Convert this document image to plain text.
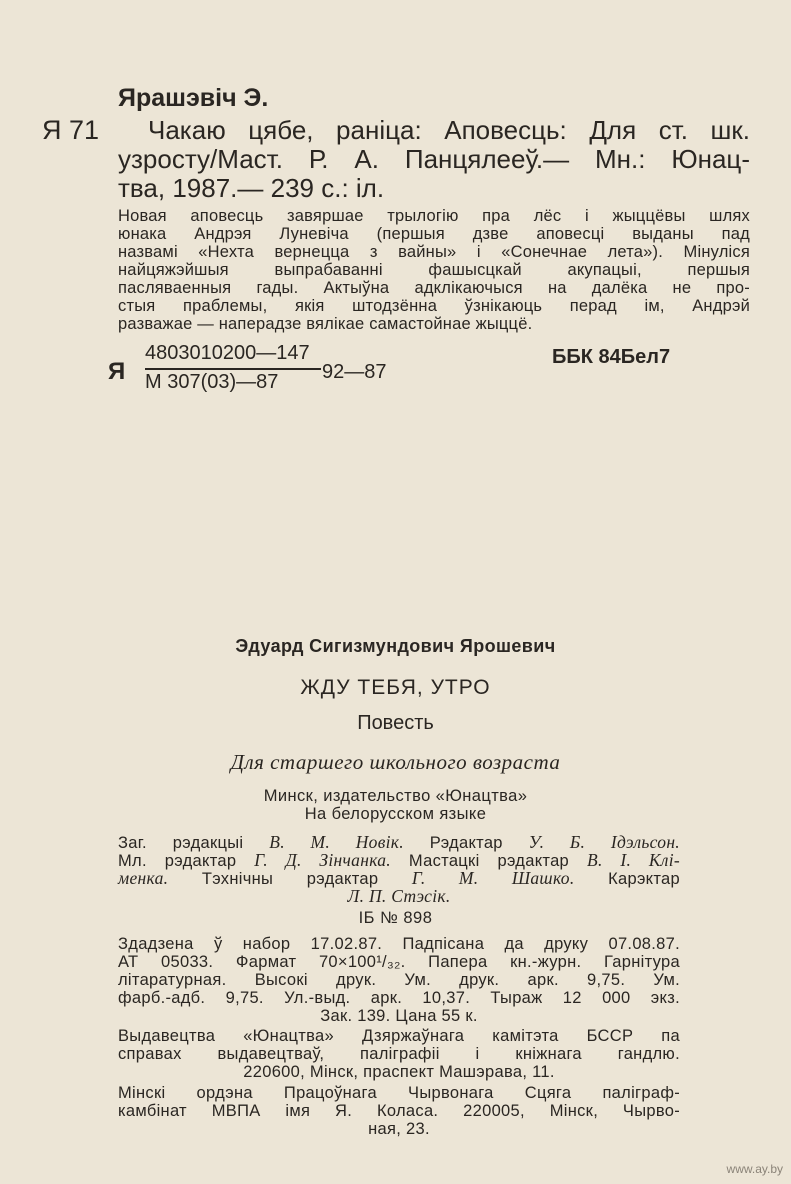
Ярашэвіч Э.
Я 71 Чакаю цябе, раніца: Аповесць: Для ст. шк.
узросту/Маст. Р. А. Панцялееў.— Мн.: Юнац-
тва, 1987.— 239 с.: іл.
Новая аповесць завяршае трылогію пра лёс і жыццёвы шлях
юнака Андрэя Луневіча (першыя дзве аповесці выданы пад
назвамі «Нехта вернецца з вайны» і «Сонечнае лета»). Мінуліся
найцяжэйшыя выпрабаванні фашысцкай акупацыі, першыя
пасляваенныя гады. Актыўна адклікаючыся на далёка не про-
стыя праблемы, якія штодзённа ўзнікаюць перад ім, Андрэй
разважае — наперадзе вялікае самастойнае жыццё.
Я
4803010200—147
М 307(03)—87 92—87
ББК 84Бел7
Эдуард Сигизмундович Ярошевич
ЖДУ ТЕБЯ, УТРО
Повесть
Для старшего школьного возраста
Минск, издательство «Юнацтва»
На белорусском языке
Заг. рэдакцыі В. М. Новік. Рэдактар У. Б. Ідэльсон.
Мл. рэдактар Г. Д. Зінчанка. Мастацкі рэдактар В. І. Клі-
менка. Тэхнічны рэдактар Г. М. Шашко. Карэктар
Л. П. Стэсік.
ІБ № 898
Здадзена ў набор 17.02.87. Падпісана да друку 07.08.87.
АТ 05033. Фармат 70×100¹/₃₂. Папера кн.-журн. Гарнітура
літаратурная. Высокі друк. Ум. друк. арк. 9,75. Ум.
фарб.-адб. 9,75. Ул.-выд. арк. 10,37. Тыраж 12 000 экз.
Зак. 139. Цана 55 к.
Выдавецтва «Юнацтва» Дзяржаўнага камітэта БССР па
справах выдавецтваў, паліграфіі і кніжнага гандлю.
220600, Мінск, праспект Машэрава, 11.
Мінскі ордэна Працоўнага Чырвонага Сцяга паліграф-
камбінат МВПА імя Я. Коласа. 220005, Мінск, Чырво-
ная, 23.
www.ay.by
